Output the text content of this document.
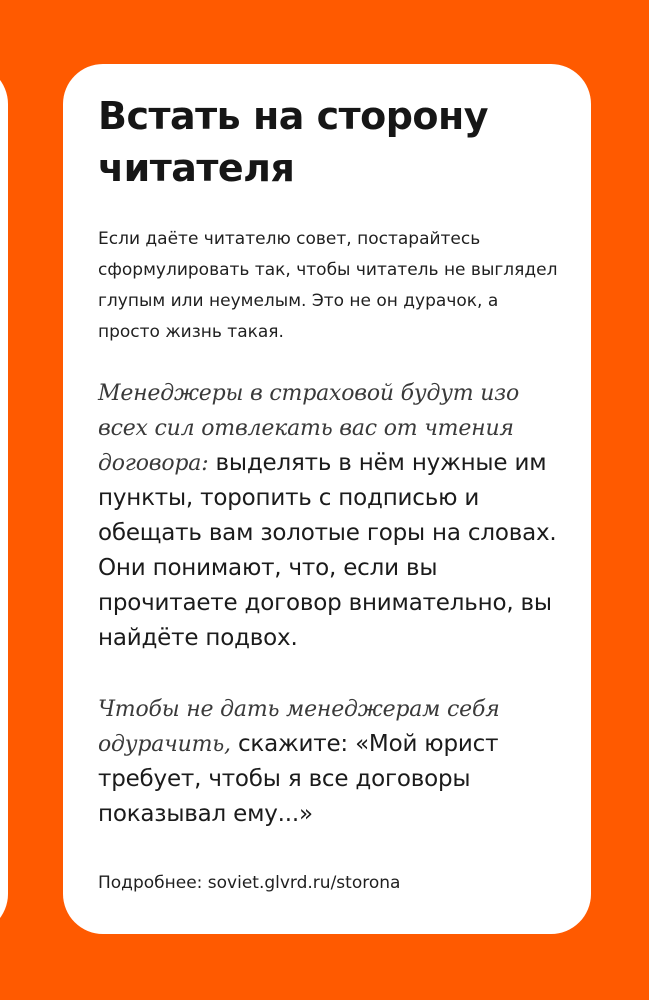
Встать на сторону читателя

Если даёте читателю совет, постарайтесь сформулировать так, чтобы читатель не выглядел глупым или неумелым. Это не он дурачок, а просто жизнь такая.

Менеджеры в страховой будут изо всех сил отвлекать вас от чтения договора: выделять в нём нужные им пункты, торопить с подписью и обещать вам золотые горы на словах. Они понимают, что, если вы прочитаете договор внимательно, вы найдёте подвох.

Чтобы не дать менеджерам себя одурачить, скажите: «Мой юрист требует, чтобы я все договоры показывал ему...»

Подробнее: soviet.glvrd.ru/storona
